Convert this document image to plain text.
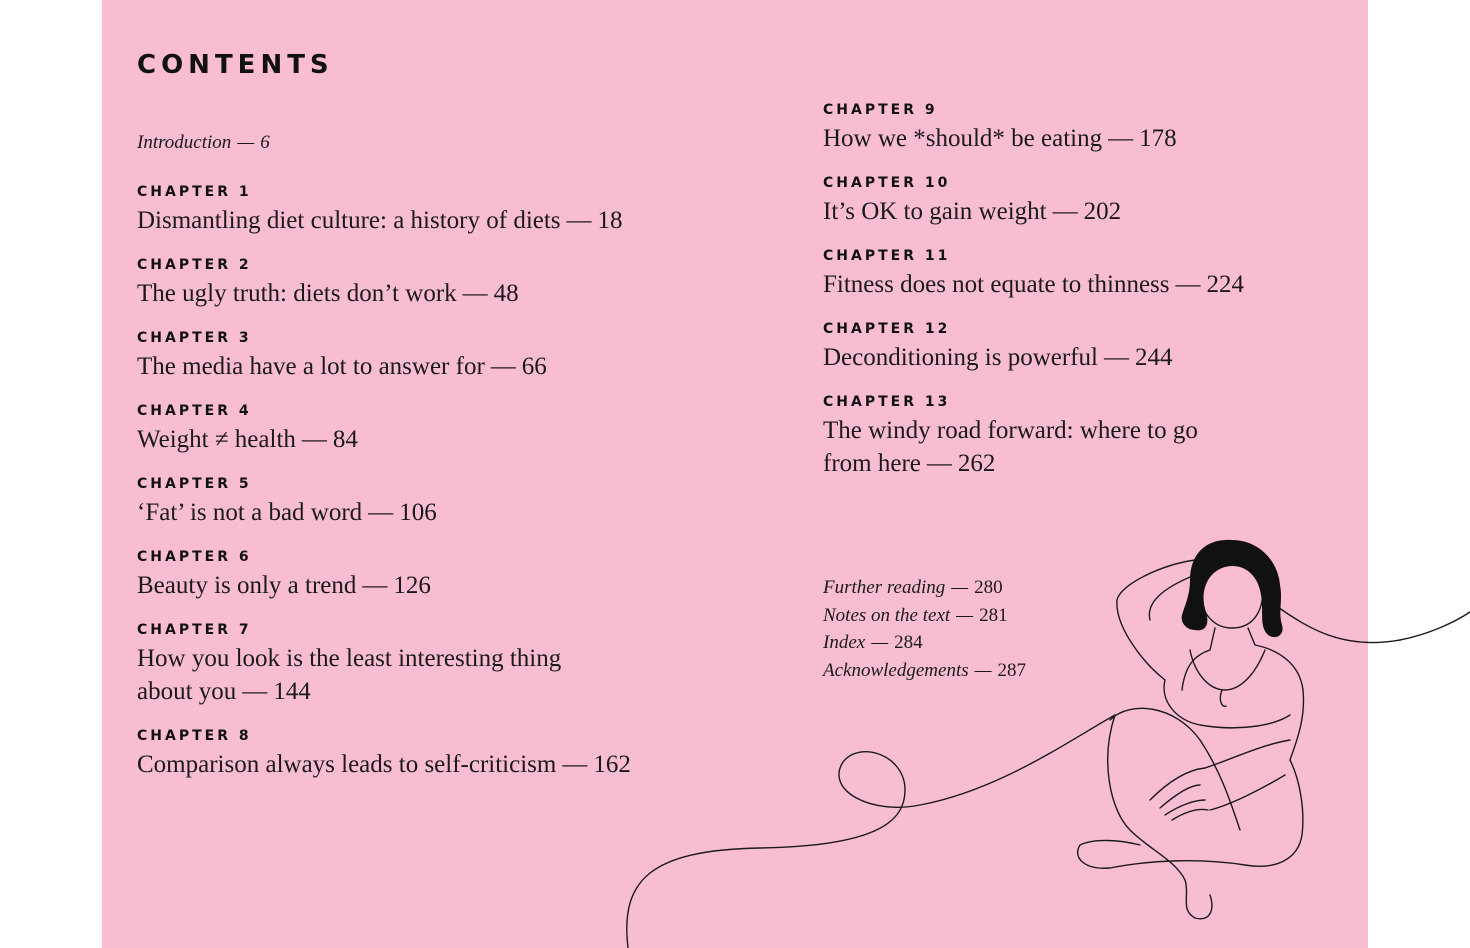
CONTENTS
Introduction — 6
CHAPTER 1
Dismantling diet culture: a history of diets — 18
CHAPTER 2
The ugly truth: diets don’t work — 48
CHAPTER 3
The media have a lot to answer for — 66
CHAPTER 4
Weight ≠ health — 84
CHAPTER 5
‘Fat’ is not a bad word — 106
CHAPTER 6
Beauty is only a trend — 126
CHAPTER 7
How you look is the least interesting thing about you — 144
CHAPTER 8
Comparison always leads to self-criticism — 162
CHAPTER 9
How we *should* be eating — 178
CHAPTER 10
It’s OK to gain weight — 202
CHAPTER 11
Fitness does not equate to thinness — 224
CHAPTER 12
Deconditioning is powerful — 244
CHAPTER 13
The windy road forward: where to go from here — 262
Further reading — 280
Notes on the text — 281
Index — 284
Acknowledgements — 287
